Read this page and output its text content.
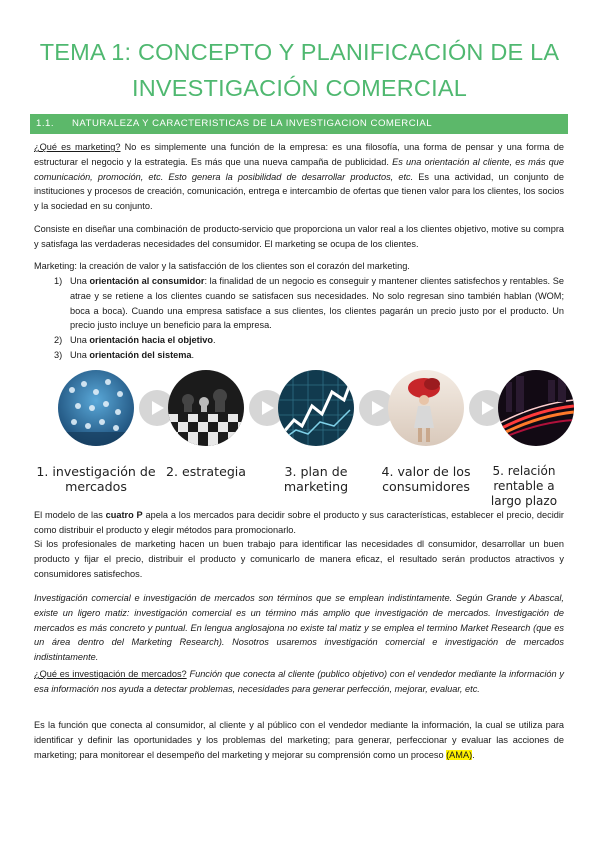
TEMA 1: CONCEPTO Y PLANIFICACIÓN DE LA INVESTIGACIÓN COMERCIAL
1.1. NATURALEZA Y CARACTERISTICAS DE LA INVESTIGACION COMERCIAL

¿Qué es marketing? No es simplemente una función de la empresa: es una filosofía, una forma de pensar y una forma de estructurar el negocio y la estrategia. Es más que una nueva campaña de publicidad. Es una orientación al cliente, es más que comunicación, promoción, etc. Esto genera la posibilidad de desarrollar productos, etc. Es una actividad, un conjunto de instituciones y procesos de creación, comunicación, entrega e intercambio de ofertas que tienen valor para los clientes, los socios y la sociedad en su conjunto.

Consiste en diseñar una combinación de producto-servicio que proporciona un valor real a los clientes objetivo, motive su compra y satisfaga las verdaderas necesidades del consumidor. El marketing se ocupa de los clientes.

Marketing: la creación de valor y la satisfacción de los clientes son el corazón del marketing.

1) Una orientación al consumidor: la finalidad de un negocio es conseguir y mantener clientes satisfechos y rentables. Se atrae y se retiene a los clientes cuando se satisfacen sus necesidades. No solo regresan sino también hablan (WOM; boca a boca). Cuando una empresa satisface a sus clientes, los clientes pagarán un precio justo por el producto. Un precio justo incluye un beneficio para la empresa.
2) Una orientación hacia el objetivo.
3) Una orientación del sistema.
1. investigación de
mercados
2. estrategia	3. plan de
marketing
4. valor de los
consumidores
5. relación rentable a
largo plazo

El modelo de las cuatro P apela a los mercados para decidir sobre el producto y sus características, establecer el precio, decidir como distribuir el producto y elegir métodos para promocionarlo.

Si los profesionales de marketing hacen un buen trabajo para identificar las necesidades dl consumidor, desarrollar un buen producto y fijar el precio, distribuir el producto y comunicarlo de manera eficaz, el resultado serán productos atractivos y consumidores satisfechos.

Investigación comercial e investigación de mercados son términos que se emplean indistintamente. Según Grande y Abascal, existe un ligero matiz: investigación comercial es un término más amplio que investigación de mercados. Investigación de mercados es más concreto y puntual. En lengua anglosajona no existe tal matiz y se emplea el termino Market Research (que es un área dentro del Marketing Research). Nosotros usaremos investigación comercial e investigación de mercados indistintamente.

¿Qué es investigación de mercados? Función que conecta al cliente (publico objetivo) con el vendedor mediante la información y esa información nos ayuda a detectar problemas, necesidades para generar perfección, mejorar, evaluar, etc.

Es la función que conecta al consumidor, al cliente y al público con el vendedor mediante la información, la cual se utiliza para identificar y definir las oportunidades y los problemas del marketing; para generar, perfeccionar y evaluar las acciones de marketing; para monitorear el desempeño del marketing y mejorar su comprensión como un proceso (AMA).
